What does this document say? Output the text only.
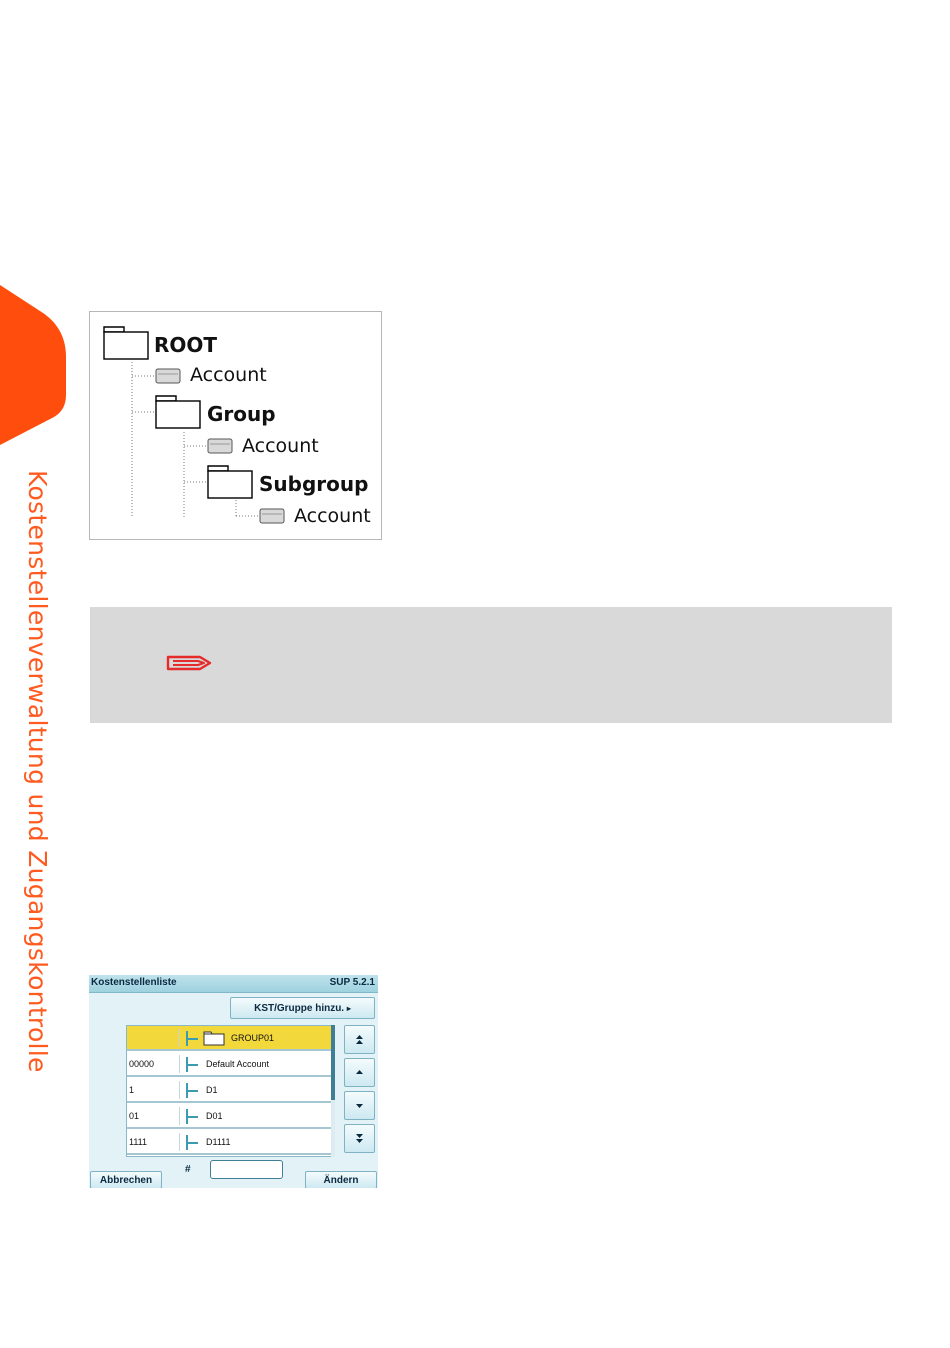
Kostenstellenverwaltung und Zugangskontrolle
ROOT
Account
Group
Account
Subgroup
Account
Kostenstellenliste	SUP 5.2.1
KST/Gruppe hinzu. ▸
GROUP01
00000	Default Account
1	D1
01	D01
1111	D1111
Abbrechen
#
Ändern
